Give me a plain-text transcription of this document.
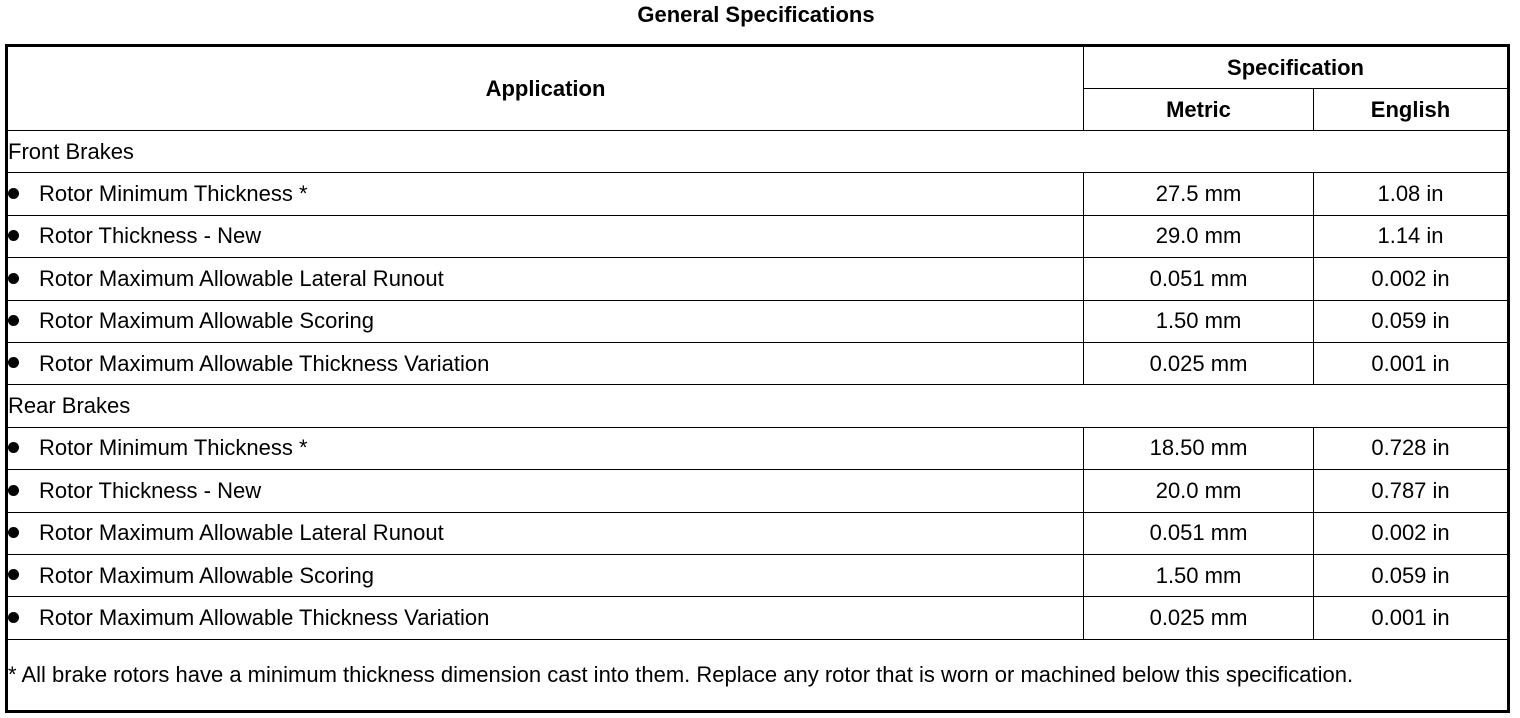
General Specifications
Application	Specification	
	Metric	English
Front Brakes		
Rotor Minimum Thickness *	27.5 mm	1.08 in
Rotor Thickness - New	29.0 mm	1.14 in
Rotor Maximum Allowable Lateral Runout	0.051 mm	0.002 in
Rotor Maximum Allowable Scoring	1.50 mm	0.059 in
Rotor Maximum Allowable Thickness Variation	0.025 mm	0.001 in
Rear Brakes		
Rotor Minimum Thickness *	18.50 mm	0.728 in
Rotor Thickness - New	20.0 mm	0.787 in
Rotor Maximum Allowable Lateral Runout	0.051 mm	0.002 in
Rotor Maximum Allowable Scoring	1.50 mm	0.059 in
Rotor Maximum Allowable Thickness Variation	0.025 mm	0.001 in
* All brake rotors have a minimum thickness dimension cast into them. Replace any rotor that is worn or machined below this specification.		
